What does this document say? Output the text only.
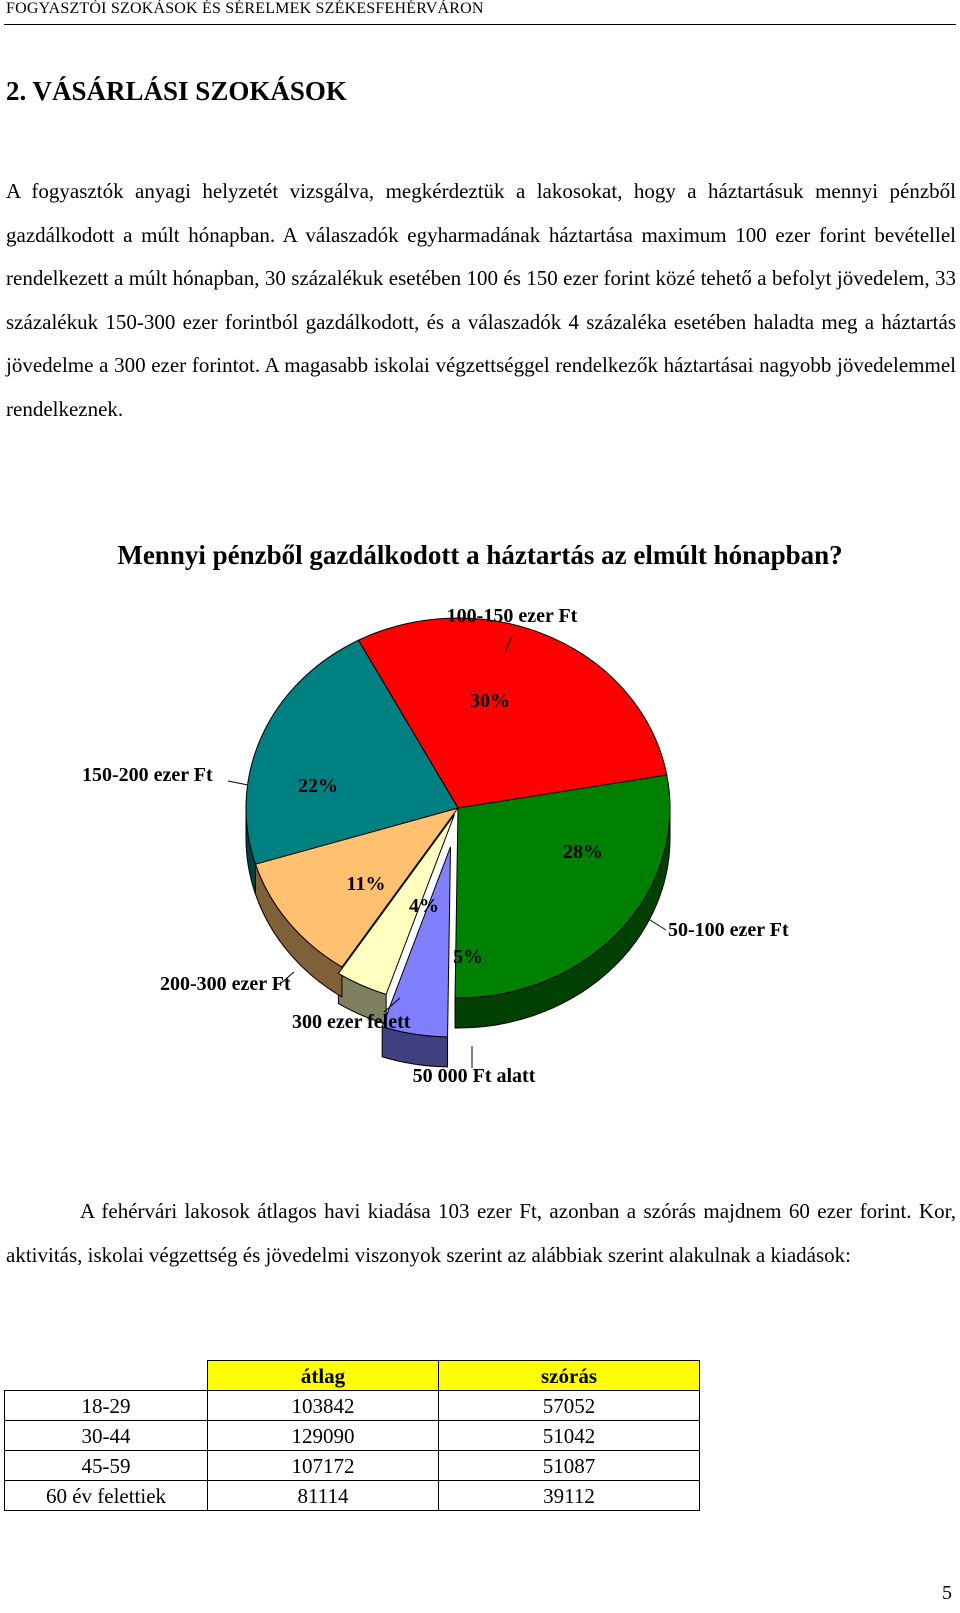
FOGYASZTÓI SZOKÁSOK ÉS SÉRELMEK SZÉKESFEHÉRVÁRON
2. VÁSÁRLÁSI SZOKÁSOK

A fogyasztók anyagi helyzetét vizsgálva, megkérdeztük a lakosokat, hogy a háztartásuk mennyi pénzből gazdálkodott a múlt hónapban. A válaszadók egyharmadának háztartása maximum 100 ezer forint bevétellel rendelkezett a múlt hónapban, 30 százalékuk esetében 100 és 150 ezer forint közé tehető a befolyt jövedelem, 33 százalékuk 150-300 ezer forintból gazdálkodott, és a válaszadók 4 százaléka esetében haladta meg a háztartás jövedelme a 300 ezer forintot. A magasabb iskolai végzettséggel rendelkezők háztartásai nagyobb jövedelemmel rendelkeznek.

Mennyi pénzből gazdálkodott a háztartás az elmúlt hónapban?
30%
100-150 ezer Ft
28%
50-100 ezer Ft
5%
50 000 Ft alatt
4%
300 ezer felett
11%
200-300 ezer Ft
22%
150-200 ezer Ft

A fehérvári lakosok átlagos havi kiadása 103 ezer Ft, azonban a szórás majdnem 60 ezer forint. Kor, aktivitás, iskolai végzettség és jövedelmi viszonyok szerint az alábbiak szerint alakulnak a kiadások:

	átlag	szórás
18-29	103842	57052
30-44	129090	51042
45-59	107172	51087
60 év felettiek	81114	39112
5
